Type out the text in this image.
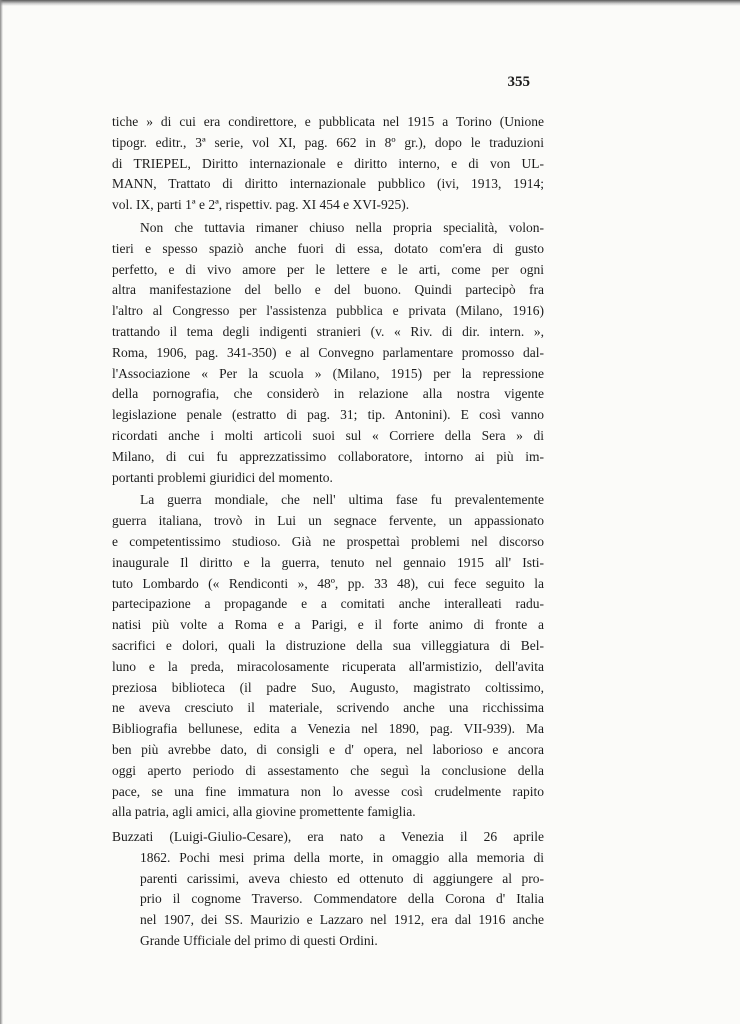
355
tiche » di cui era condirettore, e pubblicata nel 1915 a Torino (Unione
tipogr. editr., 3ª serie, vol XI, pag. 662 in 8º gr.), dopo le traduzioni
di TRIEPEL, Diritto internazionale e diritto interno, e di von UL-
MANN, Trattato di diritto internazionale pubblico (ivi, 1913, 1914;
vol. IX, parti 1ª e 2ª, rispettiv. pag. XI 454 e XVI-925).
Non che tuttavia rimaner chiuso nella propria specialità, volon-
tieri e spesso spaziò anche fuori di essa, dotato com'era di gusto
perfetto, e di vivo amore per le lettere e le arti, come per ogni
altra manifestazione del bello e del buono. Quindi partecipò fra
l'altro al Congresso per l'assistenza pubblica e privata (Milano, 1916)
trattando il tema degli indigenti stranieri (v. « Riv. di dir. intern. »,
Roma, 1906, pag. 341-350) e al Convegno parlamentare promosso dal-
l'Associazione « Per la scuola » (Milano, 1915) per la repressione
della pornografia, che considerò in relazione alla nostra vigente
legislazione penale (estratto di pag. 31; tip. Antonini). E così vanno
ricordati anche i molti articoli suoi sul « Corriere della Sera » di
Milano, di cui fu apprezzatissimo collaboratore, intorno ai più im-
portanti problemi giuridici del momento.
La guerra mondiale, che nell' ultima fase fu prevalentemente
guerra italiana, trovò in Lui un segnace fervente, un appassionato
e competentissimo studioso. Già ne prospettaì problemi nel discorso
inaugurale Il diritto e la guerra, tenuto nel gennaio 1915 all' Isti-
tuto Lombardo (« Rendiconti », 48º, pp. 33 48), cui fece seguito la
partecipazione a propagande e a comitati anche interalleati radu-
natisi più volte a Roma e a Parigi, e il forte animo di fronte a
sacrifici e dolori, quali la distruzione della sua villeggiatura di Bel-
luno e la preda, miracolosamente ricuperata all'armistizio, dell'avita
preziosa biblioteca (il padre Suo, Augusto, magistrato coltissimo,
ne aveva cresciuto il materiale, scrivendo anche una ricchissima
Bibliografia bellunese, edita a Venezia nel 1890, pag. VII-939). Ma
ben più avrebbe dato, di consigli e d' opera, nel laborioso e ancora
oggi aperto periodo di assestamento che seguì la conclusione della
pace, se una fine immatura non lo avesse così crudelmente rapito
alla patria, agli amici, alla giovine promettente famiglia.
Buzzati (Luigi-Giulio-Cesare), era nato a Venezia il 26 aprile
1862. Pochi mesi prima della morte, in omaggio alla memoria di
parenti carissimi, aveva chiesto ed ottenuto di aggiungere al pro-
prio il cognome Traverso. Commendatore della Corona d' Italia
nel 1907, dei SS. Maurizio e Lazzaro nel 1912, era dal 1916 anche
Grande Ufficiale del primo di questi Ordini.
